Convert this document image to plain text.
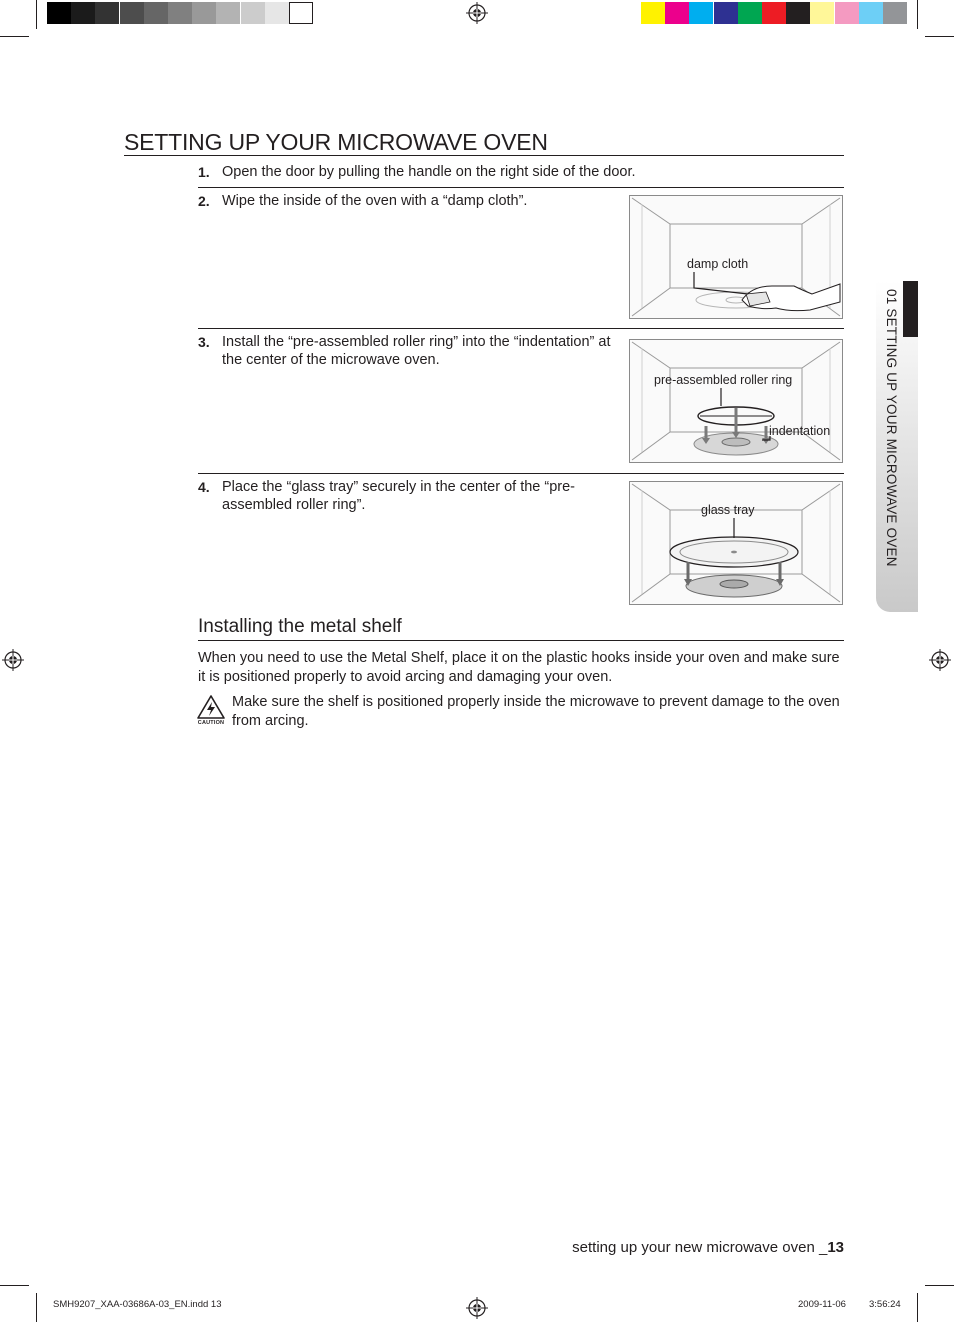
SETTING UP YOUR MICROWAVE OVEN
1. Open the door by pulling the handle on the right side of the door.
2. Wipe the inside of the oven with a “damp cloth”.
damp cloth
3. Install the “pre-assembled roller ring” into the “indentation” at the center of the microwave oven.
pre-assembled roller ring
indentation
4. Place the “glass tray” securely in the center of the “pre-assembled roller ring”.	glass tray
Installing the metal shelf
When you need to use the Metal Shelf, place it on the plastic hooks inside your oven and make sure it is positioned properly to avoid arcing and damaging your oven.
CAUTION
Make sure the shelf is positioned properly inside the microwave to prevent damage to the oven from arcing.
01 SETTING UP YOUR MICROWAVE OVEN
setting up your new microwave oven _13
SMH9207_XAA-03686A-03_EN.indd 13	2009-11-06 3:56:24
